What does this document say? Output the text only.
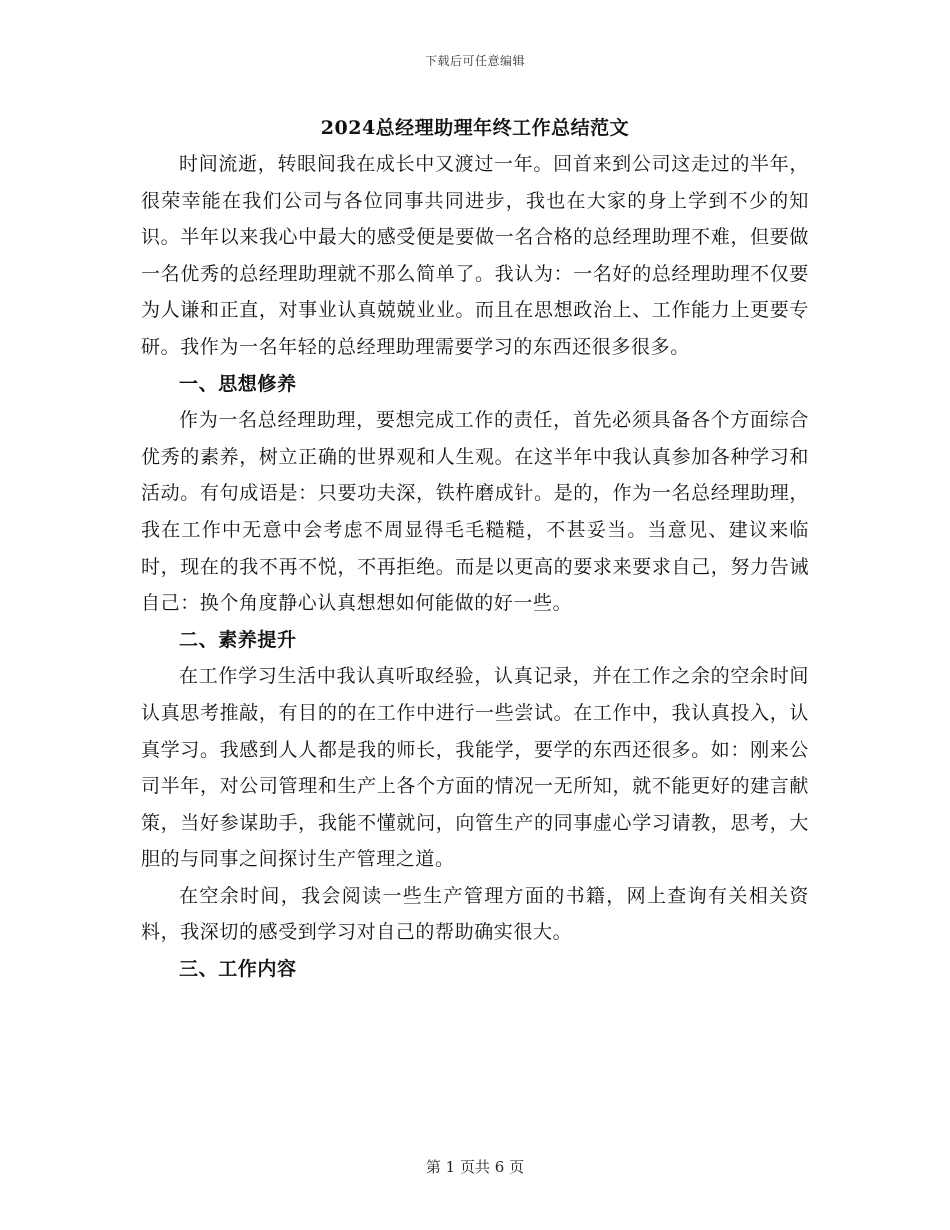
下载后可任意编辑
2024总经理助理年终工作总结范文

时间流逝，转眼间我在成长中又渡过一年。回首来到公司这走过的半年，很荣幸能在我们公司与各位同事共同进步，我也在大家的身上学到不少的知识。半年以来我心中最大的感受便是要做一名合格的总经理助理不难，但要做一名优秀的总经理助理就不那么简单了。我认为：一名好的总经理助理不仅要为人谦和正直，对事业认真兢兢业业。而且在思想政治上、工作能力上更要专研。我作为一名年轻的总经理助理需要学习的东西还很多很多。

一、思想修养

作为一名总经理助理，要想完成工作的责任，首先必须具备各个方面综合优秀的素养，树立正确的世界观和人生观。在这半年中我认真参加各种学习和活动。有句成语是：只要功夫深，铁杵磨成针。是的，作为一名总经理助理，我在工作中无意中会考虑不周显得毛毛糙糙，不甚妥当。当意见、建议来临时，现在的我不再不悦，不再拒绝。而是以更高的要求来要求自己，努力告诫自己：换个角度静心认真想想如何能做的好一些。

二、素养提升

在工作学习生活中我认真听取经验，认真记录，并在工作之余的空余时间认真思考推敲，有目的的在工作中进行一些尝试。在工作中，我认真投入，认真学习。我感到人人都是我的师长，我能学，要学的东西还很多。如：刚来公司半年，对公司管理和生产上各个方面的情况一无所知，就不能更好的建言献策，当好参谋助手，我能不懂就问，向管生产的同事虚心学习请教，思考，大胆的与同事之间探讨生产管理之道。

在空余时间，我会阅读一些生产管理方面的书籍，网上查询有关相关资料，我深切的感受到学习对自己的帮助确实很大。

三、工作内容

第 1 页共 6 页
